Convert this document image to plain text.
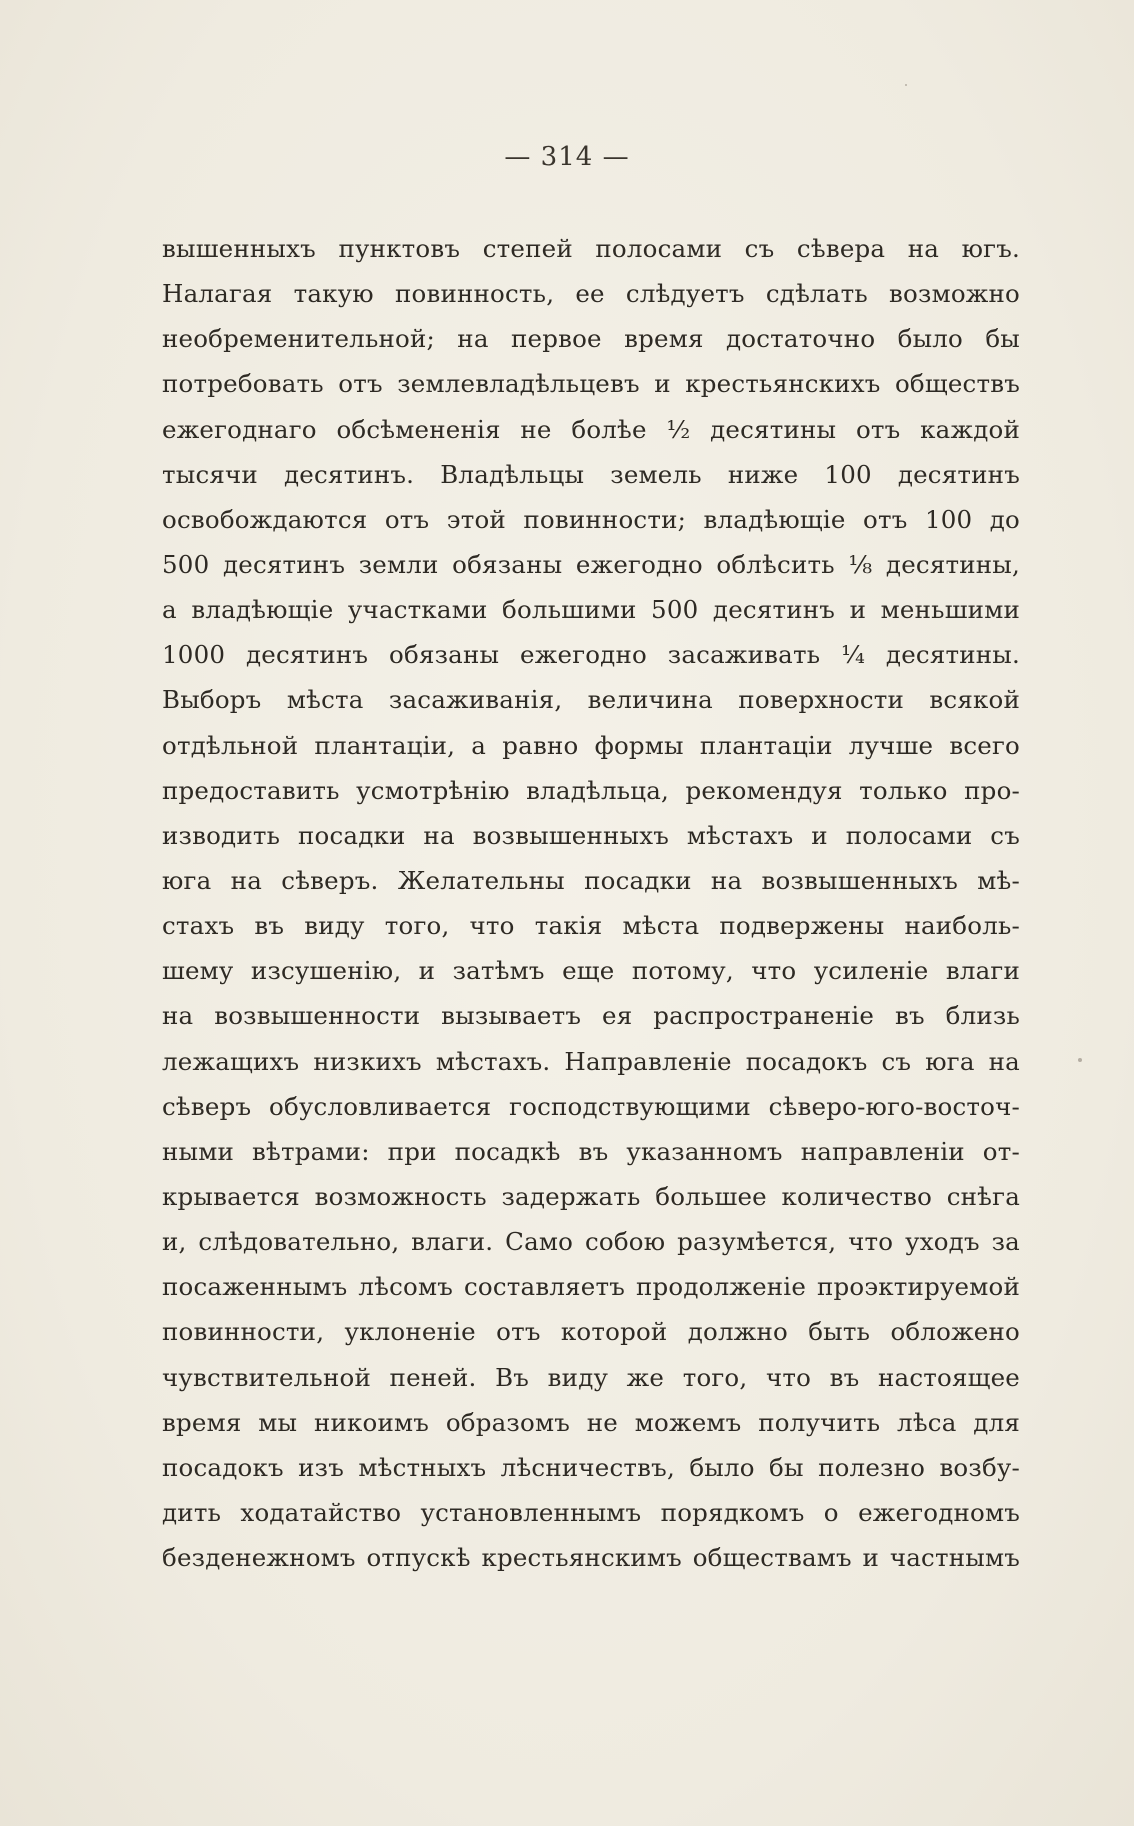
— 314 —
вышенныхъ пунктовъ степей полосами съ сѣвера на югъ.
Налагая такую повинность, ее слѣдуетъ сдѣлать возможно
необременительной; на первое время достаточно было бы
потребовать отъ землевладѣльцевъ и крестьянскихъ обществъ
ежегоднаго обсѣмененія не болѣе ½ десятины отъ каждой
тысячи десятинъ. Владѣльцы земель ниже 100 десятинъ
освобождаются отъ этой повинности; владѣющіе отъ 100 до
500 десятинъ земли обязаны ежегодно облѣсить ⅛ десятины,
а владѣющіе участками большими 500 десятинъ и меньшими
1000 десятинъ обязаны ежегодно засаживать ¼ десятины.
Выборъ мѣста засаживанія, величина поверхности всякой
отдѣльной плантаціи, а равно формы плантаціи лучше всего
предоставить усмотрѣнію владѣльца, рекомендуя только про-
изводить посадки на возвышенныхъ мѣстахъ и полосами съ
юга на сѣверъ. Желательны посадки на возвышенныхъ мѣ-
стахъ въ виду того, что такія мѣста подвержены наиболь-
шему изсушенію, и затѣмъ еще потому, что усиленіе влаги
на возвышенности вызываетъ ея распространеніе въ близь
лежащихъ низкихъ мѣстахъ. Направленіе посадокъ съ юга на
сѣверъ обусловливается господствующими сѣверо-юго-восточ-
ными вѣтрами: при посадкѣ въ указанномъ направленіи от-
крывается возможность задержать большее количество снѣга
и, слѣдовательно, влаги. Само собою разумѣется, что уходъ за
посаженнымъ лѣсомъ составляетъ продолженіе проэктируемой
повинности, уклоненіе отъ которой должно быть обложено
чувствительной пеней. Въ виду же того, что въ настоящее
время мы никоимъ образомъ не можемъ получить лѣса для
посадокъ изъ мѣстныхъ лѣсничествъ, было бы полезно возбу-
дить ходатайство установленнымъ порядкомъ о ежегодномъ
безденежномъ отпускѣ крестьянскимъ обществамъ и частнымъ
